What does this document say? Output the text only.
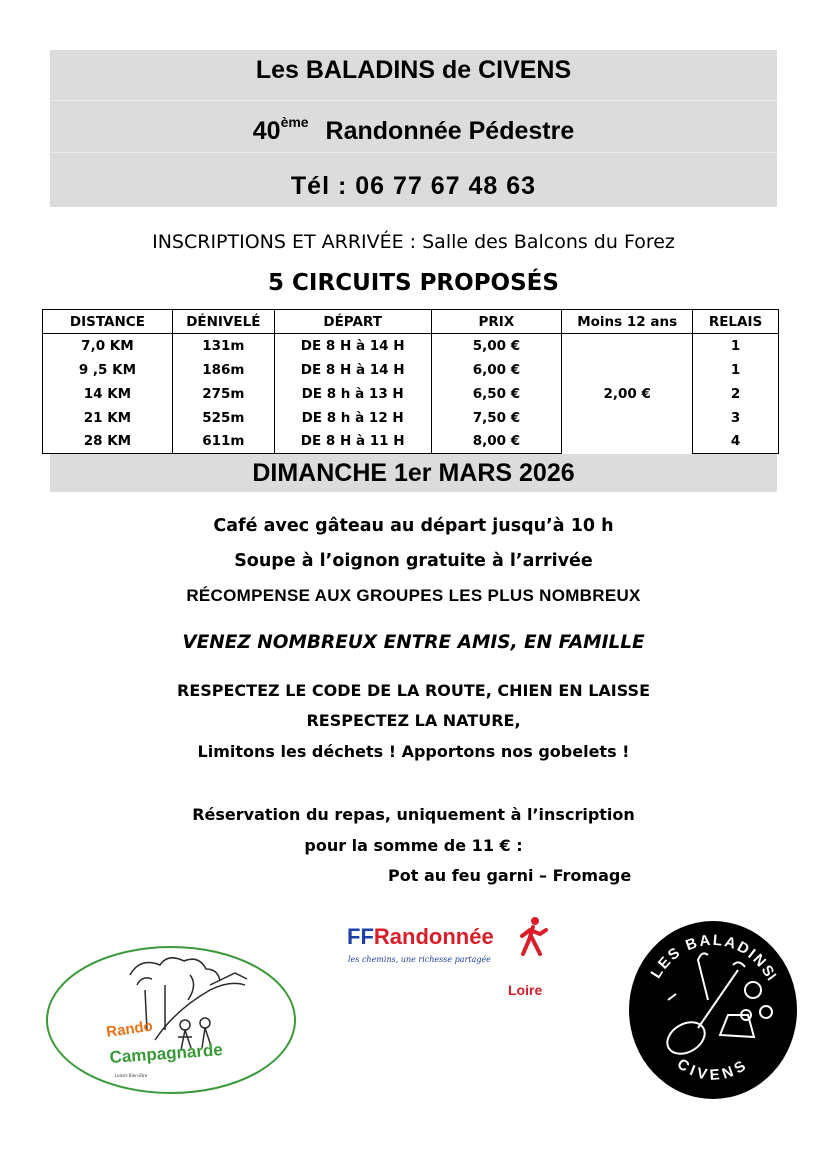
Les BALADINS de CIVENS
40ème Randonnée Pédestre
Tél : 06 77 67 48 63
INSCRIPTIONS ET ARRIVÉE : Salle des Balcons du Forez
5 CIRCUITS PROPOSÉS
DISTANCE	DÉNIVELÉ	DÉPART	PRIX	Moins 12 ans	RELAIS
7,0 KM	131m	DE 8 H à 14 H	5,00 €	2,00 €	1
9 ,5 KM	186m	DE 8 H à 14 H	6,00 €		1
14 KM	275m	DE 8 h à 13 H	6,50 €		2
21 KM	525m	DE 8 h à 12 H	7,50 €		3
28 KM	611m	DE 8 H à 11 H	8,00 €		4
DIMANCHE 1er MARS 2026
Café avec gâteau au départ jusqu’à 10 h
Soupe à l’oignon gratuite à l’arrivée
RÉCOMPENSE AUX GROUPES LES PLUS NOMBREUX
VENEZ NOMBREUX ENTRE AMIS, EN FAMILLE
RESPECTEZ LE CODE DE LA ROUTE, CHIEN EN LAISSE
RESPECTEZ LA NATURE,
Limitons les déchets ! Apportons nos gobelets !
Réservation du repas, uniquement à l’inscription
pour la somme de 11 € :
Pot au feu garni – Fromage
Rando
Campagnarde
Loisirs Bien-Etre
FFRandonnée
les chemins, une richesse partagée
Loire
LES BALADINS
CIVENS
